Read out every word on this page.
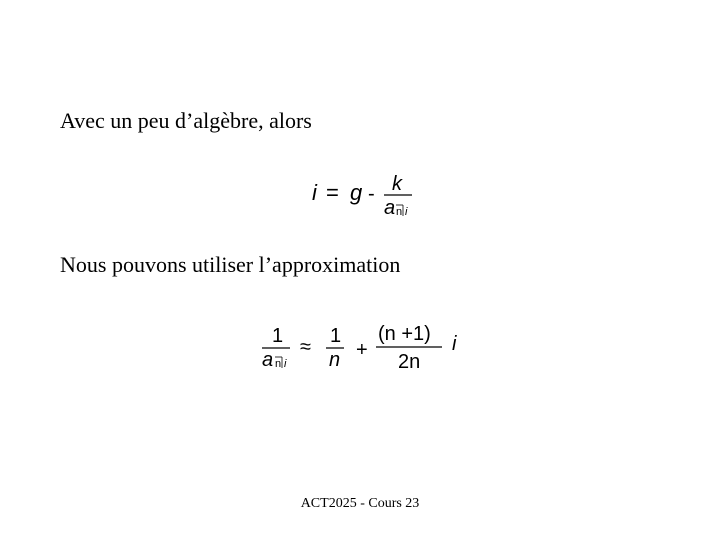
Avec un peu d’algèbre, alors
i = g - k
a n i
Nous pouvons utiliser l’approximation
1
a n i
≈ 1
n +
(n +1)
2n
i
ACT2025 - Cours 23
